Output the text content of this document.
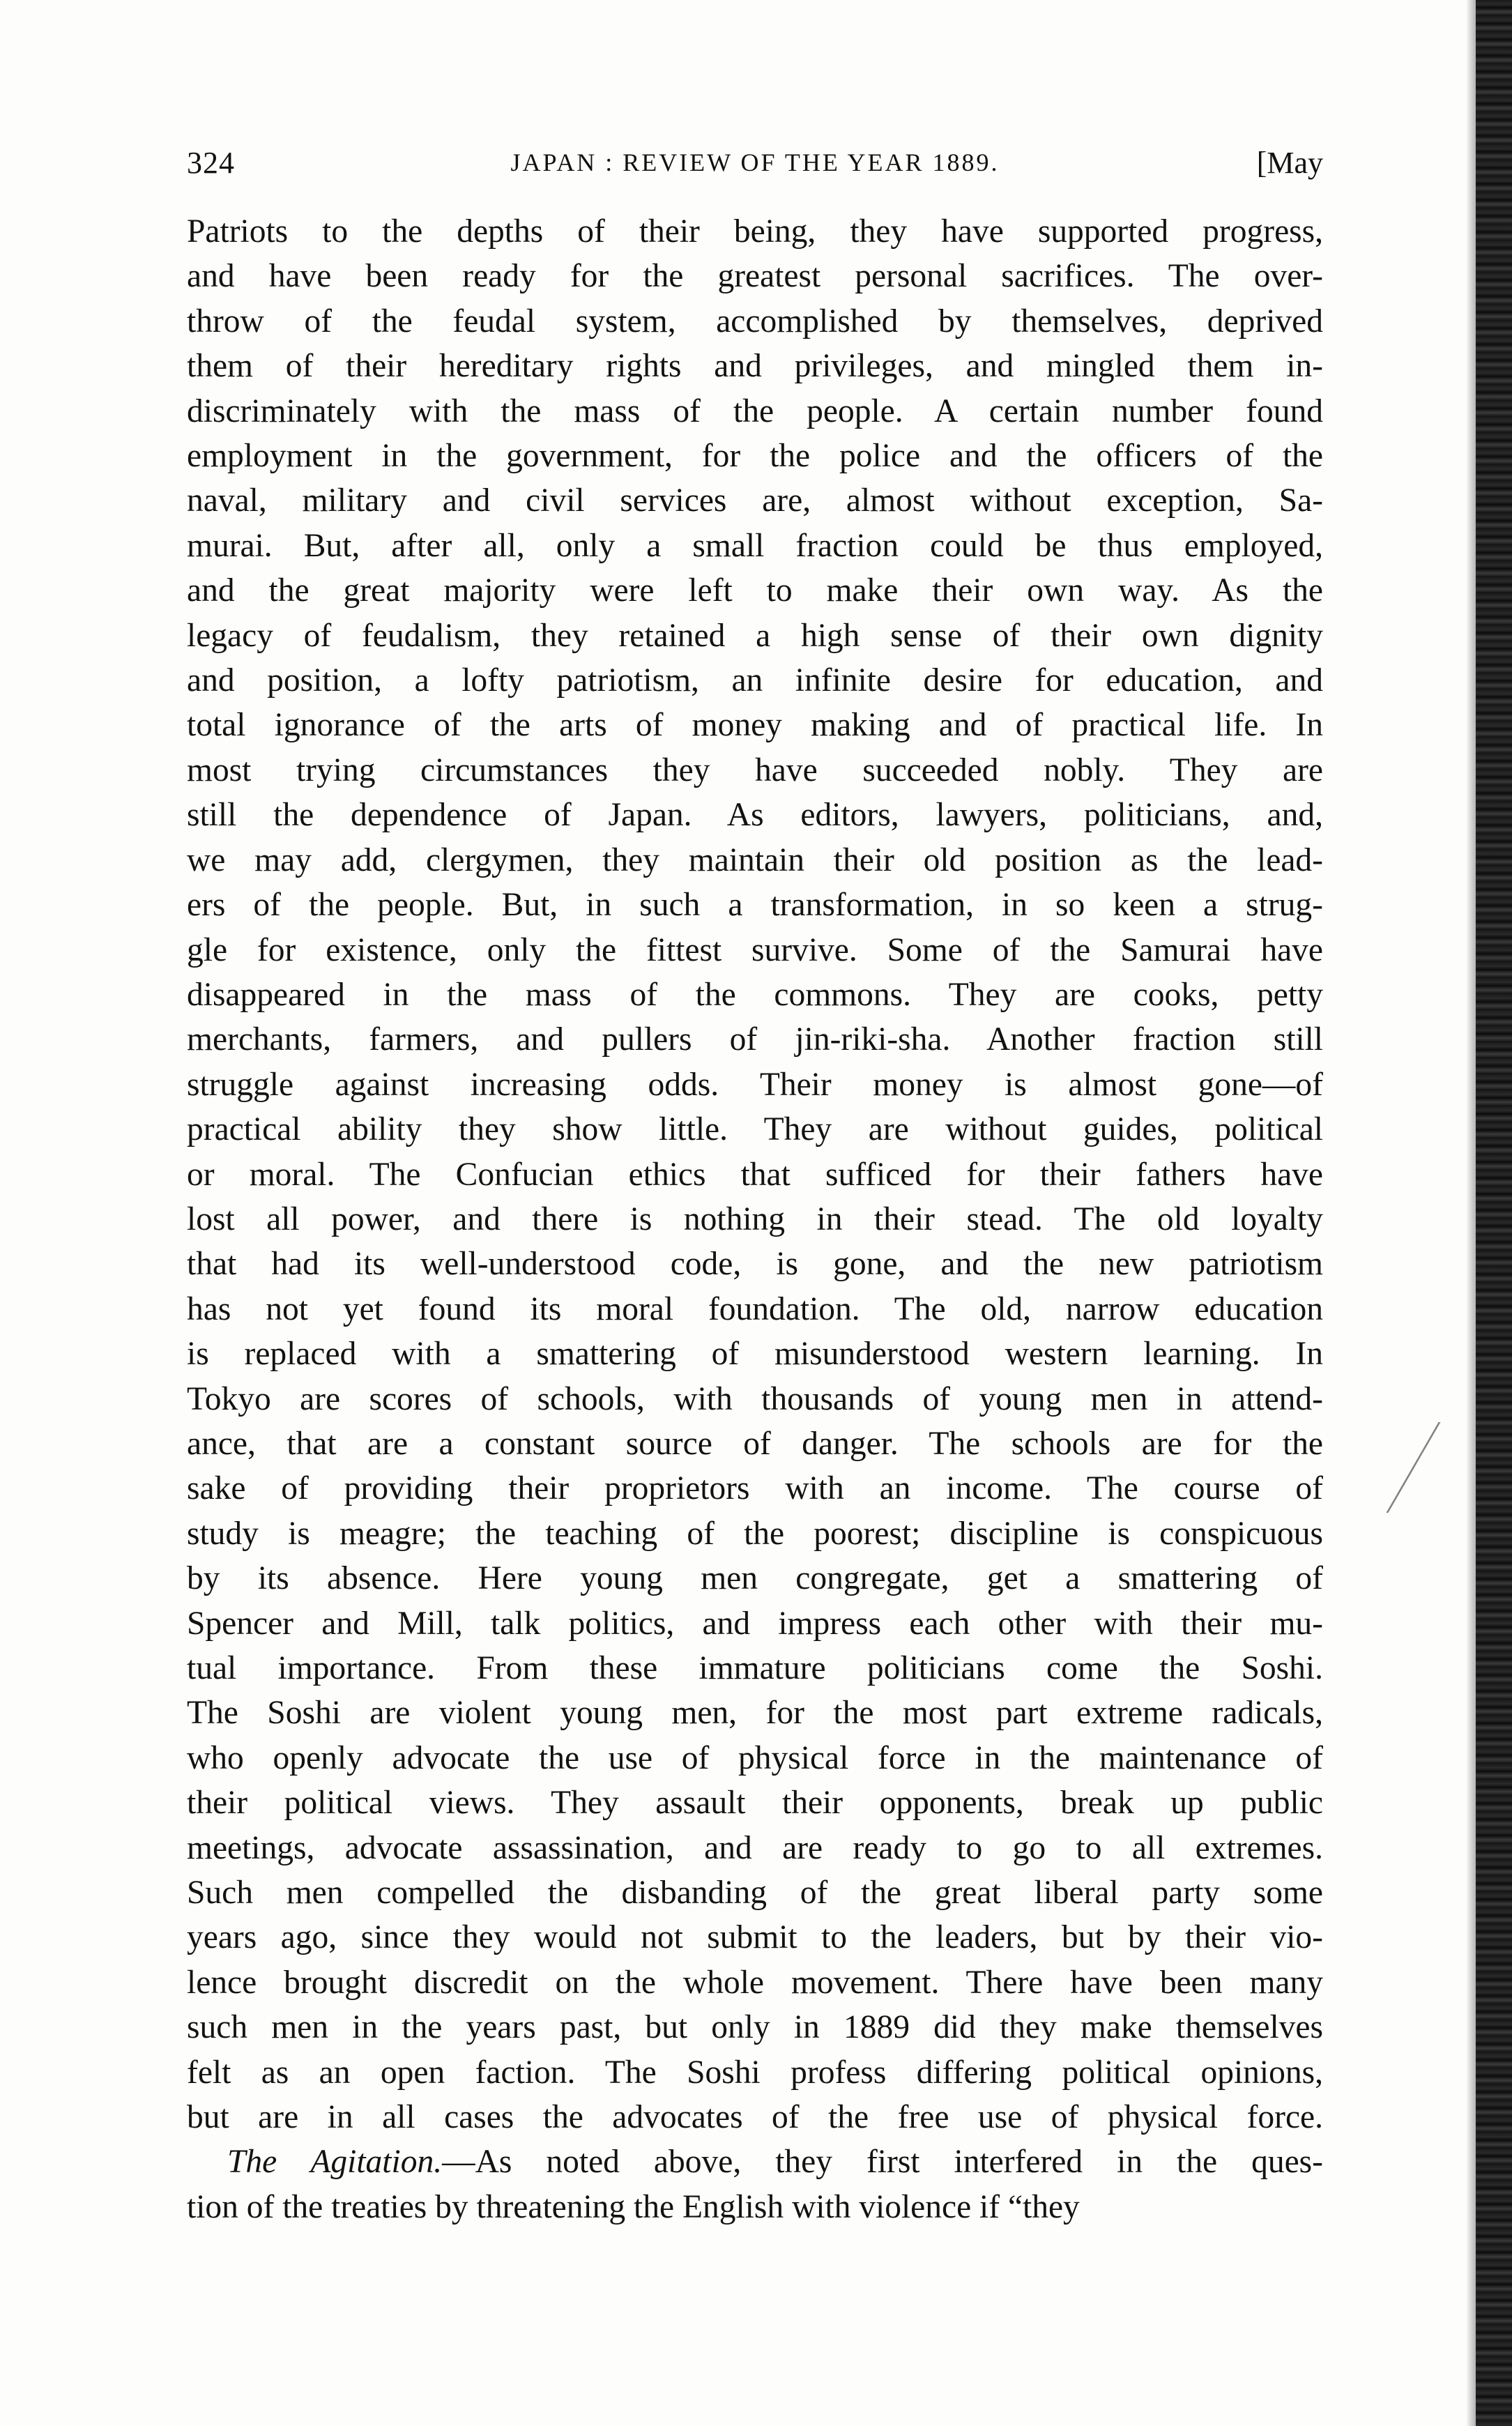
324	JAPAN : REVIEW OF THE YEAR 1889.	[May

Patriots to the depths of their being, they have supported progress,

and have been ready for the greatest personal sacrifices. The over-

throw of the feudal system, accomplished by themselves, deprived

them of their hereditary rights and privileges, and mingled them in-

discriminately with the mass of the people. A certain number found

employment in the government, for the police and the officers of the

naval, military and civil services are, almost without exception, Sa-

murai. But, after all, only a small fraction could be thus employed,

and the great majority were left to make their own way. As the

legacy of feudalism, they retained a high sense of their own dignity

and position, a lofty patriotism, an infinite desire for education, and

total ignorance of the arts of money making and of practical life. In

most trying circumstances they have succeeded nobly. They are

still the dependence of Japan. As editors, lawyers, politicians, and,

we may add, clergymen, they maintain their old position as the lead-

ers of the people. But, in such a transformation, in so keen a strug-

gle for existence, only the fittest survive. Some of the Samurai have

disappeared in the mass of the commons. They are cooks, petty

merchants, farmers, and pullers of jin-riki-sha. Another fraction still

struggle against increasing odds. Their money is almost gone—of

practical ability they show little. They are without guides, political

or moral. The Confucian ethics that sufficed for their fathers have

lost all power, and there is nothing in their stead. The old loyalty

that had its well-understood code, is gone, and the new patriotism

has not yet found its moral foundation. The old, narrow education

is replaced with a smattering of misunderstood western learning. In

Tokyo are scores of schools, with thousands of young men in attend-

ance, that are a constant source of danger. The schools are for the

sake of providing their proprietors with an income. The course of

study is meagre; the teaching of the poorest; discipline is conspicuous

by its absence. Here young men congregate, get a smattering of

Spencer and Mill, talk politics, and impress each other with their mu-

tual importance. From these immature politicians come the Soshi.

The Soshi are violent young men, for the most part extreme radicals,

who openly advocate the use of physical force in the maintenance of

their political views. They assault their opponents, break up public

meetings, advocate assassination, and are ready to go to all extremes.

Such men compelled the disbanding of the great liberal party some

years ago, since they would not submit to the leaders, but by their vio-

lence brought discredit on the whole movement. There have been many

such men in the years past, but only in 1889 did they make themselves

felt as an open faction. The Soshi profess differing political opinions,

but are in all cases the advocates of the free use of physical force.

The Agitation.—As noted above, they first interfered in the ques-

tion of the treaties by threatening the English with violence if “they
